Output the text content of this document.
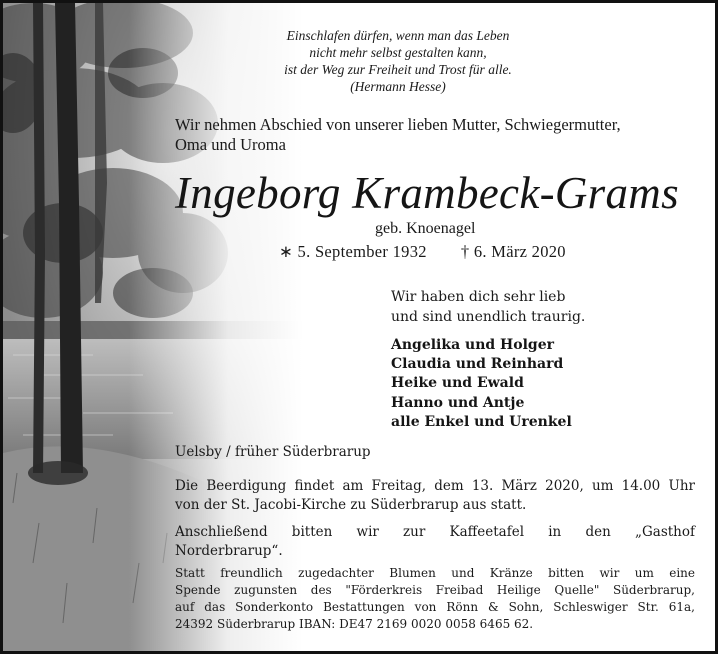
Einschlafen dürfen, wenn man das Leben
nicht mehr selbst gestalten kann,
ist der Weg zur Freiheit und Trost für alle.
(Hermann Hesse)
Wir nehmen Abschied von unserer lieben Mutter, Schwiegermutter,
Oma und Uroma
Ingeborg Krambeck-Grams
geb. Knoenagel
∗ 5. September 1932 † 6. März 2020
Wir haben dich sehr lieb
und sind unendlich traurig.
Angelika und Holger
Claudia und Reinhard
Heike und Ewald
Hanno und Antje
alle Enkel und Urenkel
Uelsby / früher Süderbrarup
Die Beerdigung findet am Freitag, dem 13. März 2020, um 14.00 Uhr
von der St. Jacobi-Kirche zu Süderbrarup aus statt.
Anschließend bitten wir zur Kaffeetafel in den „Gasthof
Norderbrarup“.
Statt freundlich zugedachter Blumen und Kränze bitten wir um eine
Spende zugunsten des "Förderkreis Freibad Heilige Quelle" Süderbrarup,
auf das Sonderkonto Bestattungen von Rönn & Sohn, Schleswiger Str. 61a,
24392 Süderbrarup IBAN: DE47 2169 0020 0058 6465 62.
